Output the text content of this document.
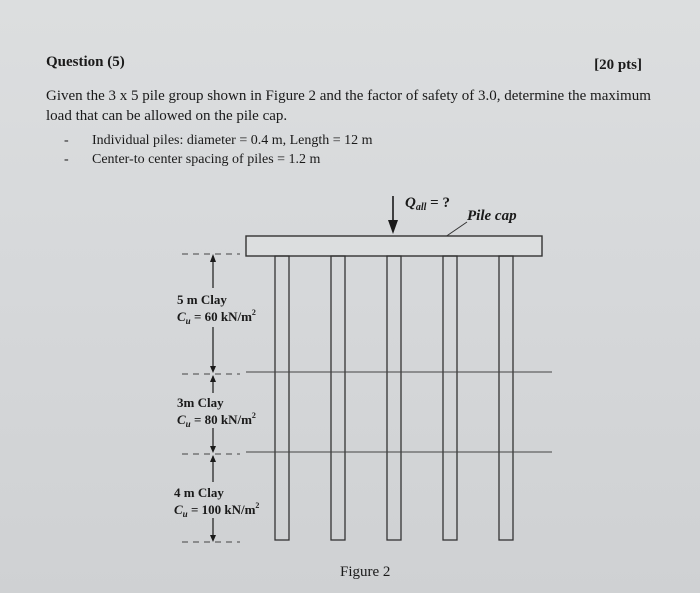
Question (5)	[20 pts]
Given the 3 x 5 pile group shown in Figure 2 and the factor of safety of 3.0, determine the maximum load that can be allowed on the pile cap.
-	Individual piles: diameter = 0.4 m, Length = 12 m
-	Center-to center spacing of piles = 1.2 m
$Q_{all}$ = ?
Pile cap
5 m Clay
$C_u = 60$ $kN/m^2$
3m Clay
$C_u = 80$ $kN/m^2$
4 m Clay
$C_u = 100$ $kN/m^2$
Figure 2
